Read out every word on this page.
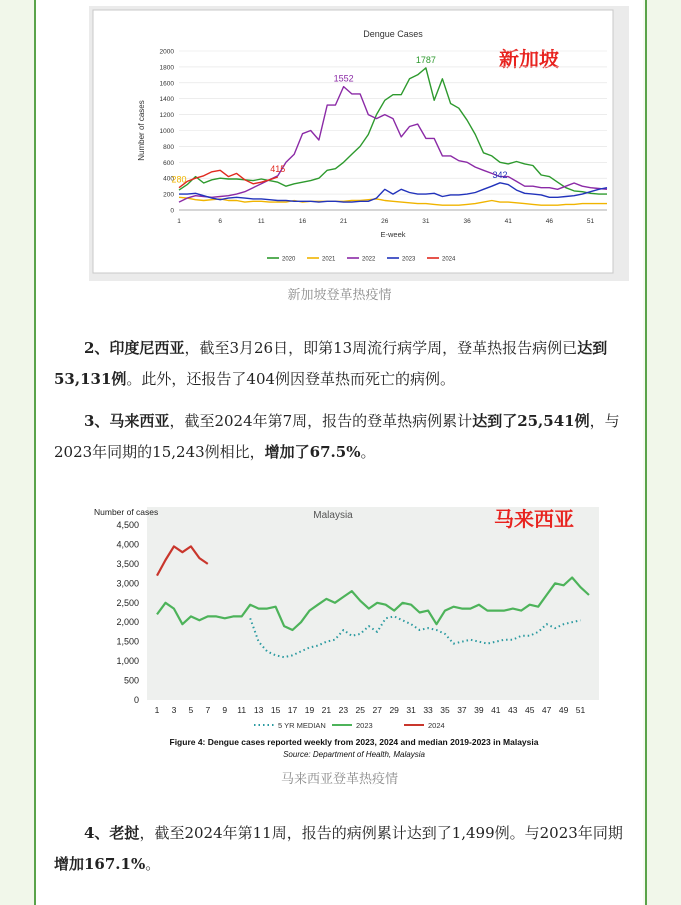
Dengue Cases
新加坡
0
200
400
600
800
1000
1200
1400
1600
1800
2000
1	6	11	16	21	26	31	36	41	46	51
E-week
Number of cases
1552
1787
342
415
280
2020	2021	2022	2023	2024
新加坡登革热疫情
2、印度尼西亚，截至3月26日，即第13周流行病学周，登革热报告病例已达到53,131例。此外，还报告了404例因登革热而死亡的病例。
3、马来西亚，截至2024年第7周，报告的登革热病例累计达到了25,541例，与2023年同期的15,243例相比，增加了67.5%。
Number of cases	Malaysia	马来西亚
0
500
1,000
1,500
2,000
2,500
3,000
3,500
4,000
4,500
1 3 5 7 9 11 13 15 17 19 21 23 25 27 29 31 33 35 37 39 41 43 45 47 49 51
5 YR MEDIAN	2023	2024
Figure 4: Dengue cases reported weekly from 2023, 2024 and median 2019-2023 in Malaysia
Source: Department of Health, Malaysia
马来西亚登革热疫情
4、老挝，截至2024年第11周，报告的病例累计达到了1,499例。与2023年同期增加167.1%。
